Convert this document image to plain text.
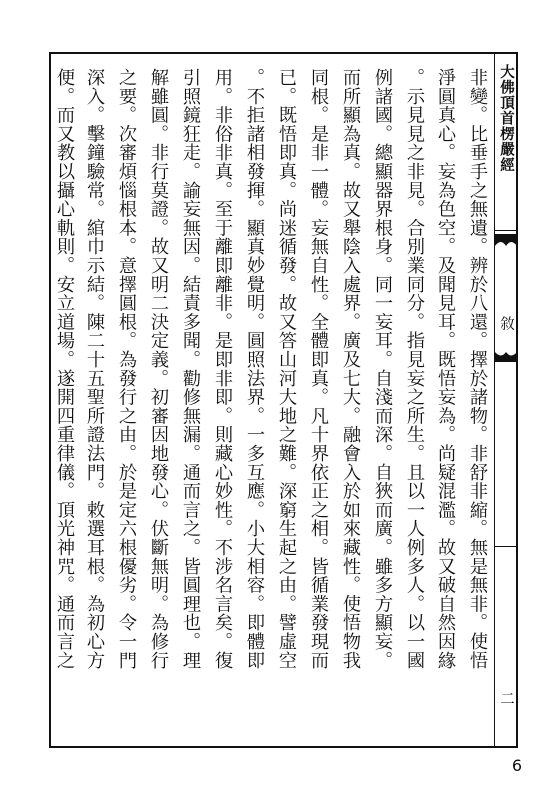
非變。比垂手之無遺。辨於八還。擇於諸物。非舒非縮。無是無非。使悟
淨圓真心。妄為色空。及聞見耳。既悟妄為。尚疑混濫。故又破自然因緣
。示見見之非見。合別業同分。指見妄之所生。且以一人例多人。以一國
例諸國。總顯器界根身。同一妄耳。自淺而深。自狹而廣。雖多方顯妄。
而所顯為真。故又舉陰入處界。廣及七大。融會入於如來藏性。使悟物我
同根。是非一體。妄無自性。全體即真。凡十界依正之相。皆循業發現而
已。既悟即真。尚迷循發。故又答山河大地之難。深窮生起之由。譬虛空
。不拒諸相發揮。顯真妙覺明。圓照法界。一多互應。小大相容。即體即
用。非俗非真。至于離即離非。是即非即。則藏心妙性。不涉名言矣。復
引照鏡狂走。諭妄無因。結責多聞。勸修無漏。通而言之。皆圓理也。理
解雖圓。非行莫證。故又明二決定義。初審因地發心。伏斷無明。為修行
之要。次審煩惱根本。意擇圓根。為發行之由。於是定六根優劣。令一門
深入。擊鐘驗常。綰巾示結。陳二十五聖所證法門。敕選耳根。為初心方
便。而又教以攝心軌則。安立道場。遂開四重律儀。頂光神咒。通而言之	大佛頂首楞嚴經
敘
二
6
